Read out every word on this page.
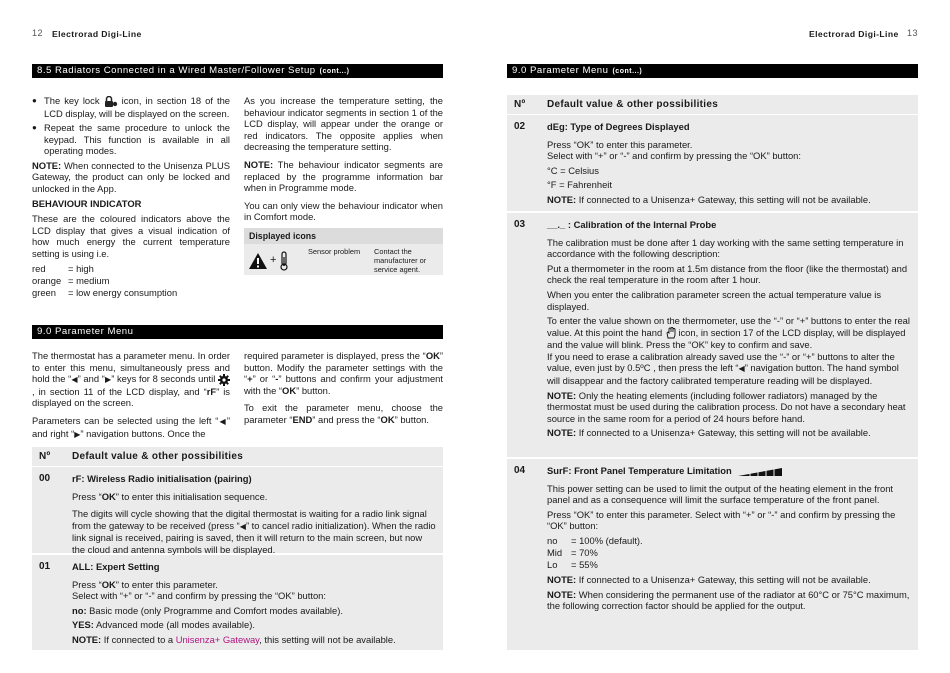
12 Electrorad Digi-Line
8.5 Radiators Connected in a Wired Master/Follower Setup (cont...)
● The key lock icon, in section 18 of the LCD display, will be displayed on the screen.
● Repeat the same procedure to unlock the keypad. This function is available in all operating modes.

NOTE: When connected to the Unisenza PLUS Gateway, the product can only be locked and unlocked in the App.

BEHAVIOUR INDICATOR

These are the coloured indicators above the LCD display that gives a visual indication of how much energy the current temperature setting is using i.e.

red	= high
orange = medium
green	= low energy consumption

As you increase the temperature setting, the behaviour indicator segments in section 1 of the LCD display, will appear under the orange or red indicators. The opposite applies when decreasing the temperature setting.

NOTE: The behaviour indicator segments are replaced by the programme information bar when in Programme mode.

You can only view the behaviour indicator when in Comfort mode.

Displayed icons
+
Sensor problem	Contact the manufacturer or service agent.
9.0 Parameter Menu

The thermostat has a parameter menu. In order to enter this menu, simultaneously press and hold the “◀” and “▶” keys for 8 seconds until , in section 11 of the LCD display, and “rF” is displayed on the screen.

Parameters can be selected using the left “◀” and right “▶” navigation buttons. Once the

required parameter is displayed, press the “OK” button. Modify the parameter settings with the “+” or “-” buttons and confirm your adjustment with the “OK” button.

To exit the parameter menu, choose the parameter “END” and press the “OK” button.

Nº	Default value & other possibilities
00	rF: Wireless Radio initialisation (pairing)

Press “OK” to enter this initialisation sequence.

The digits will cycle showing that the digital thermostat is waiting for a radio link signal from the gateway to be received (press “◀” to cancel radio initialization). When the radio link signal is received, pairing is saved, then it will return to the main screen, but now the cloud and antenna symbols will be displayed.

01	ALL: Expert Setting

Press “OK” to enter this parameter.

Select with “+” or “-” and confirm by pressing the “OK” button:

no: Basic mode (only Programme and Comfort modes available).

YES: Advanced mode (all modes available).

NOTE: If connected to a Unisenza+ Gateway, this setting will not be available.

Electrorad Digi-Line 13
9.0 Parameter Menu (cont...)
Nº	Default value & other possibilities
02	dEg: Type of Degrees Displayed

Press “OK” to enter this parameter.

Select with “+” or “-” and confirm by pressing the “OK” button:

°C = Celsius

°F = Fahrenheit

NOTE: If connected to a Unisenza+ Gateway, this setting will not be available.

03	__._ : Calibration of the Internal Probe

The calibration must be done after 1 day working with the same setting temperature in accordance with the following description:

Put a thermometer in the room at 1.5m distance from the floor (like the thermostat) and check the real temperature in the room after 1 hour.

When you enter the calibration parameter screen the actual temperature value is displayed.

To enter the value shown on the thermometer, use the “-” or “+” buttons to enter the real value. At this point the hand icon, in section 17 of the LCD display, will be displayed and the value will blink. Press the “OK” key to confirm and save.

If you need to erase a calibration already saved use the “-” or “+” buttons to alter the value, even just by 0.5ºC , then press the left “◀” navigation button. The hand symbol will disappear and the factory calibrated temperature reading will be displayed.

NOTE: Only the heating elements (including follower radiators) managed by the thermostat must be used during the calibration process. Do not have a secondary heat source in the same room for a period of 24 hours before hand.

NOTE: If connected to a Unisenza+ Gateway, this setting will not be available.

04	SurF: Front Panel Temperature Limitation

This power setting can be used to limit the output of the heating element in the front panel and as a consequence will limit the surface temperature of the front panel.

Press “OK” to enter this parameter. Select with “+” or “-” and confirm by pressing the “OK” button:

no	= 100% (default).
Mid = 70%
Lo	= 55%

NOTE: If connected to a Unisenza+ Gateway, this setting will not be available.

NOTE: When considering the permanent use of the radiator at 60°C or 75°C maximum, the following correction factor should be applied for the output.
